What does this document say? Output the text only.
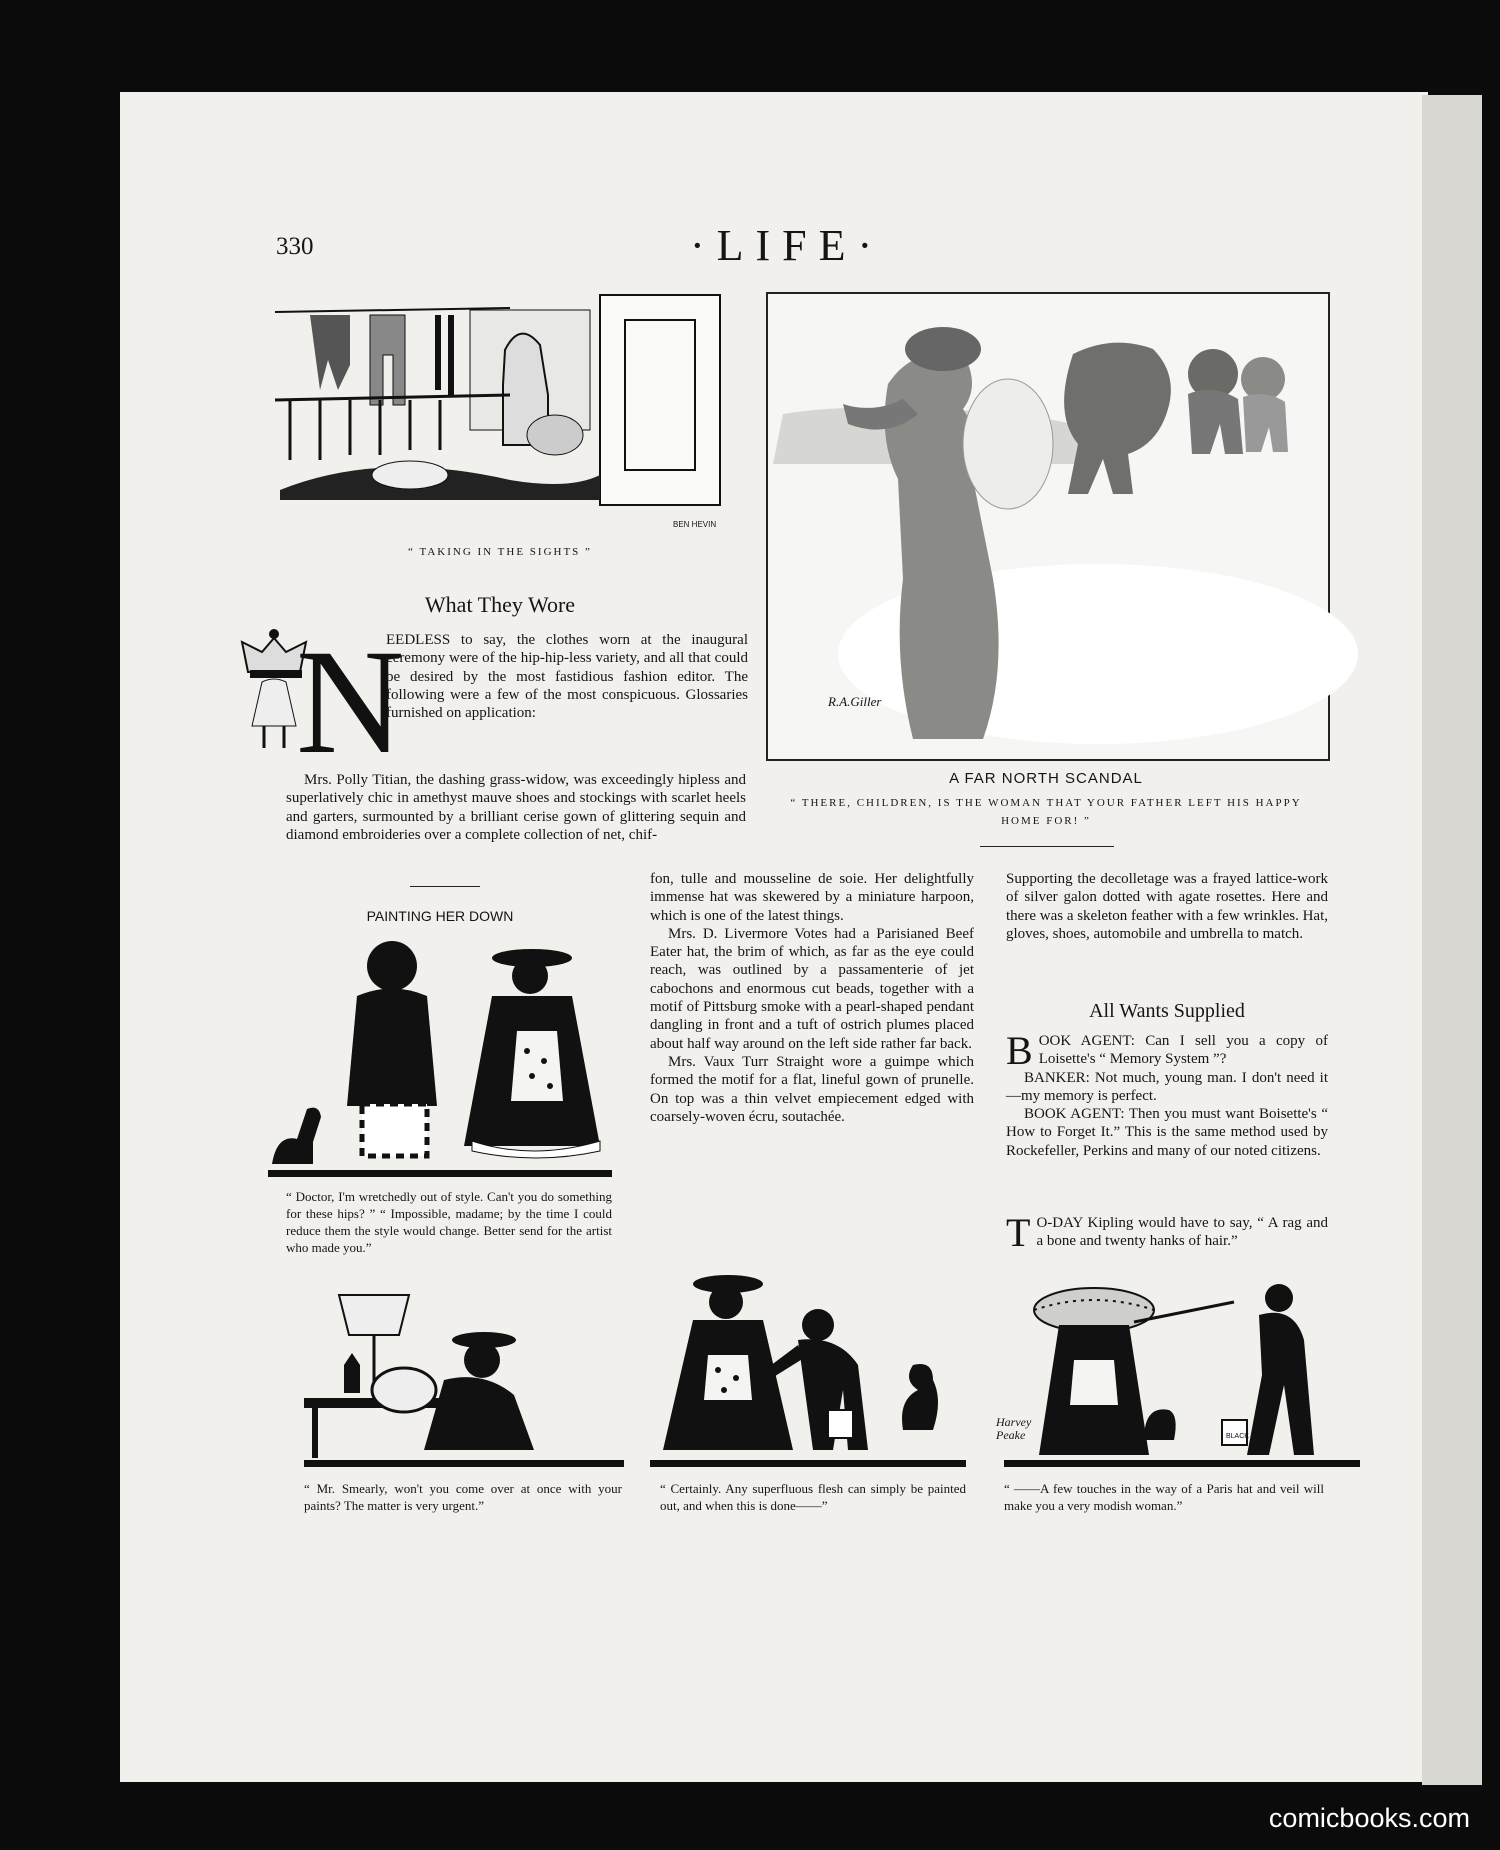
330	·LIFE·
BEN HEVIN
“ TAKING IN THE SIGHTS ”
R.A.Giller
A FAR NORTH SCANDAL
“ THERE, CHILDREN, IS THE WOMAN THAT YOUR FATHER LEFT HIS HAPPY HOME FOR! ”
What They Wore
N

EEDLESS to say, the clothes worn at the inaugural ceremony were of the hip-hip-less variety, and all that could be desired by the most fastidious fashion editor. The following were a few of the most conspicuous. Glossaries furnished on application:

Mrs. Polly Titian, the dashing grass-widow, was exceedingly hipless and superlatively chic in amethyst mauve shoes and stockings with scarlet heels and garters, surmounted by a brilliant cerise gown of glittering sequin and diamond embroideries over a complete collection of net, chif-

fon, tulle and mousseline de soie. Her delightfully immense hat was skewered by a miniature harpoon, which is one of the latest things.

Mrs. D. Livermore Votes had a Parisianed Beef Eater hat, the brim of which, as far as the eye could reach, was outlined by a passamenterie of jet cabochons and enormous cut beads, together with a motif of Pittsburg smoke with a pearl-shaped pendant dangling in front and a tuft of ostrich plumes placed about half way around on the left side rather far back.

Mrs. Vaux Turr Straight wore a guimpe which formed the motif for a flat, lineful gown of prunelle. On top was a thin velvet empiecement edged with coarsely-woven écru, soutachée.

Supporting the decolletage was a frayed lattice-work of silver galon dotted with agate rosettes. Here and there was a skeleton feather with a few wrinkles. Hat, gloves, shoes, automobile and umbrella to match.

All Wants Supplied

BOOK AGENT: Can I sell you a copy of Loisette's “ Memory System ”?

BANKER: Not much, young man. I don't need it—my memory is perfect.

BOOK AGENT: Then you must want Boisette's “ How to Forget It.” This is the same method used by Rockefeller, Perkins and many of our noted citizens.

T O-DAY Kipling would have to say, “ A rag and a bone and twenty hanks of hair.”

PAINTING HER DOWN
“ Doctor, I'm wretchedly out of style. Can't you do something for these hips? ” “ Impossible, madame; by the time I could reduce them the style would change. Better send for the artist who made you.”
BLACK
Harvey Peake
“ Mr. Smearly, won't you come over at once with your paints? The matter is very urgent.”
“ Certainly. Any superfluous flesh can simply be painted out, and when this is done——”
“ ——A few touches in the way of a Paris hat and veil will make you a very modish woman.”
comicbooks.com
